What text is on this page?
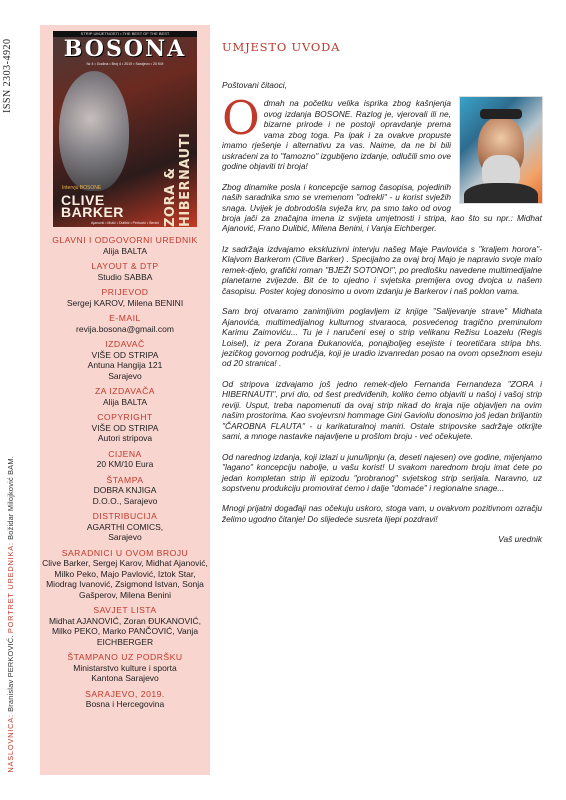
ISSN 2303-4920
NASLOVNICA: Branislav PERKOVIĆ. PORTRET UREDNIKA: Božidar Milojković BAM.
STRIP UMJETNOSTI • THE BEST OF THE BEST
BOSONA
№ 4 • Godina • Broj 4 • 2019 • Sarajevo • 20 KM
ZORA & HIBERNAUTI
Intervju BOSONE
CLIVE
BARKER
Ajanović • Mutić • Dulibić • Perković • Benini
GLAVNI I ODGOVORNI UREDNIK
Alija BALTA
LAYOUT & DTP
Studio SABBA
PRIJEVOD
Sergej KAROV, Milena BENINI
E-MAIL
revija.bosona@gmail.com
IZDAVAČ
VIŠE OD STRIPA
Antuna Hangija 121
Sarajevo
ZA IZDAVAČA
Alija BALTA
COPYRIGHT
VIŠE OD STRIPA
Autori stripova
CIJENA
20 KM/10 Eura
ŠTAMPA
DOBRA KNJIGA
D.O.O., Sarajevo
DISTRIBUCIJA
AGARTHI COMICS,
Sarajevo
SARADNICI U OVOM BROJU
Clive Barker, Sergej Karov, Midhat Ajanović, Milko Peko, Majo Pavlović, Iztok Star, Miodrag Ivanović, Zsigmond Istvan, Sonja Gašperov, Milena Benini
SAVJET LISTA
Midhat AJANOVIĆ, Zoran ĐUKANOVIĆ, Milko PEKO, Marko PANČOVIĆ, Vanja EICHBERGER
ŠTAMPANO UZ PODRŠKU
Ministarstvo kulture i sporta
Kantona Sarajevo
SARAJEVO, 2019.
Bosna i Hercegovina
UMJESTO UVODA

Poštovani čitaoci,

Odmah na početku velika isprika zbog kašnjenja ovog izdanja BOSONE. Razlog je, vjerovali ili ne, bizarne prirode i ne postoji opravdanje prema vama zbog toga. Pa ipak i za ovakve propuste imamo rješenje i alternativu za vas. Naime, da ne bi bili uskraćeni za to "famozno" izgubljeno izdanje, odlučili smo ove godine objaviti tri broja!

Zbog dinamike posla i koncepcije samog časopisa, pojedinih naših saradnika smo se vremenom "odrekli" - u korist svježih snaga. Uvijek je dobrodošla svježa krv, pa smo tako od ovog broja jači za značajna imena iz svijeta umjetnosti i stripa, kao što su npr.: Midhat Ajanović, Frano Dulibić, Milena Benini, i Vanja Eichberger.

Iz sadržaja izdvajamo ekskluzivni intervju našeg Maje Pavlovića s "kraljem horora"- Klajvom Barkerom (Clive Barker) . Specijalno za ovaj broj Majo je napravio svoje malo remek-djelo, grafički roman "BJEŽI SOTONO!", po predlošku navedene multimedijalne planetarne zvijezde. Bit će to ujedno i svjetska premijera ovog dvojca u našem časopisu. Poster kojeg donosimo u ovom izdanju je Barkerov i naš poklon vama.

Sam broj otvaramo zanimljivim poglavljem iz knjige "Salijevanje strave" Midhata Ajanovića, multimedijalnog kulturnog stvaraoca, posvećenog tragično preminulom Karimu Zaimoviću... Tu je i naručeni esej o strip velikanu Režisu Loazelu (Regis Loisel), iz pera Zorana Đukanovića, ponajboljeg esejiste i teoretičara stripa bhs. jezičkog govornog područja, koji je uradio izvanredan posao na ovom opsežnom eseju od 20 stranica! .

Od stripova izdvajamo još jedno remek-djelo Fernanda Fernandeza "ZORA i HIBERNAUTI", prvi dio, od šest predviđenih, koliko ćemo objaviti u našoj i vašoj strip reviji. Usput, treba napomenuti da ovaj strip nikad do kraja nije objavljen na ovim našim prostorima. Kao svojevrsni hommage Gini Gavioliu donosimo još jedan briljantin "ČAROBNA FLAUTA" - u karikaturalnoj maniri. Ostale stripovske sadržaje otkrijte sami, a mnoge nastavke najavljene u prošlom broju - već očekujete.

Od narednog izdanja, koji izlazi u junu/lipnju (a, deseti najesen) ove godine, mijenjamo "lagano" koncepciju nabolje, u vašu korist! U svakom narednom broju imat ćete po jedan kompletan strip ili epizodu "probranog" svjetskog strip serijala. Naravno, uz sopstvenu produkciju promovirat ćemo i dalje "domaće" i regionalne snage...

Mnogi prijatni događaji nas očekuju uskoro, stoga vam, u ovakvom pozitivnom ozračju želimo ugodno čitanje! Do slijedeće susreta lijepi pozdravi!

Vaš urednik
